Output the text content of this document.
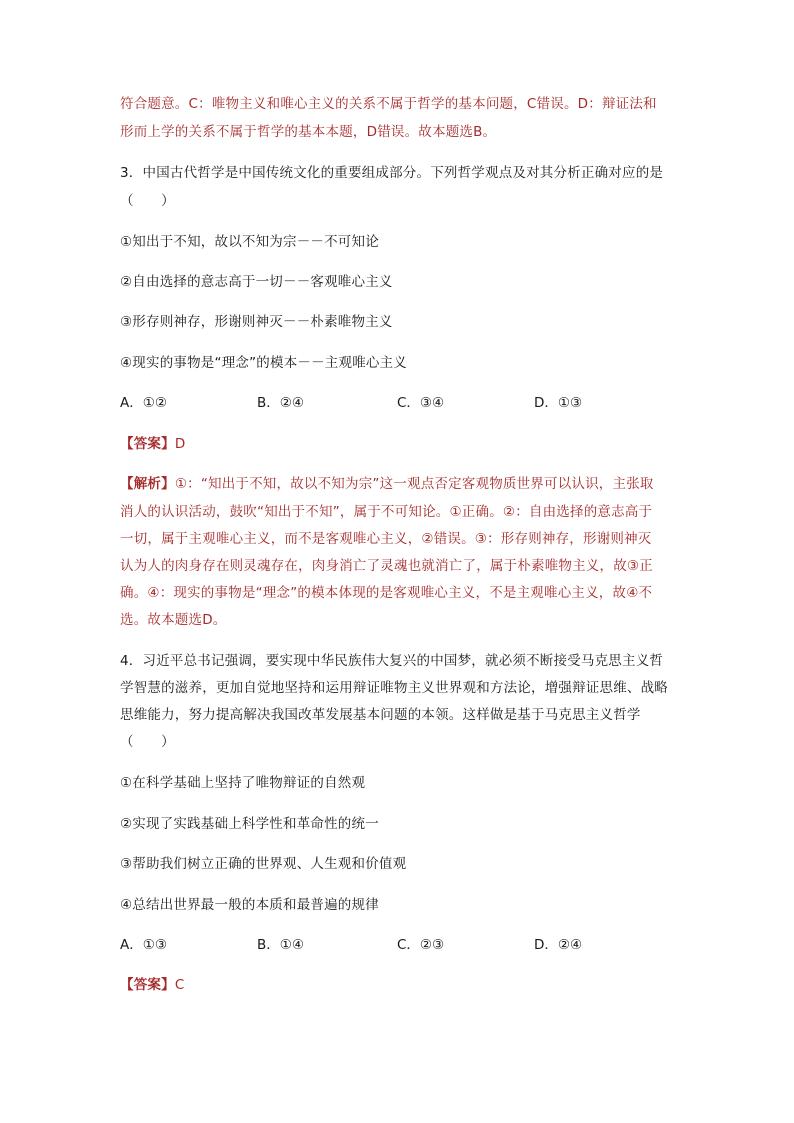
符合题意。C：唯物主义和唯心主义的关系不属于哲学的基本问题，C错误。D：辩证法和
形而上学的关系不属于哲学的基本本题，D错误。故本题选B。
3．中国古代哲学是中国传统文化的重要组成部分。下列哲学观点及对其分析正确对应的是
（　　）
①知出于不知，故以不知为宗－－不可知论
②自由选择的意志高于一切－－客观唯心主义
③形存则神存，形谢则神灭－－朴素唯物主义
④现实的事物是“理念”的模本－－主观唯心主义
A．①②	B．②④	C．③④	D．①③
【答案】D
【解析】①：“知出于不知，故以不知为宗”这一观点否定客观物质世界可以认识，主张取
消人的认识活动，鼓吹“知出于不知”，属于不可知论。①正确。②：自由选择的意志高于
一切，属于主观唯心主义，而不是客观唯心主义，②错误。③：形存则神存，形谢则神灭
认为人的肉身存在则灵魂存在，肉身消亡了灵魂也就消亡了，属于朴素唯物主义，故③正
确。④：现实的事物是“理念”的模本体现的是客观唯心主义，不是主观唯心主义，故④不
选。故本题选D。
4．习近平总书记强调，要实现中华民族伟大复兴的中国梦，就必须不断接受马克思主义哲
学智慧的滋养，更加自觉地坚持和运用辩证唯物主义世界观和方法论，增强辩证思维、战略
思维能力，努力提高解决我国改革发展基本问题的本领。这样做是基于马克思主义哲学
（　　）
①在科学基础上坚持了唯物辩证的自然观
②实现了实践基础上科学性和革命性的统一
③帮助我们树立正确的世界观、人生观和价值观
④总结出世界最一般的本质和最普遍的规律
A．①③	B．①④	C．②③	D．②④
【答案】C
